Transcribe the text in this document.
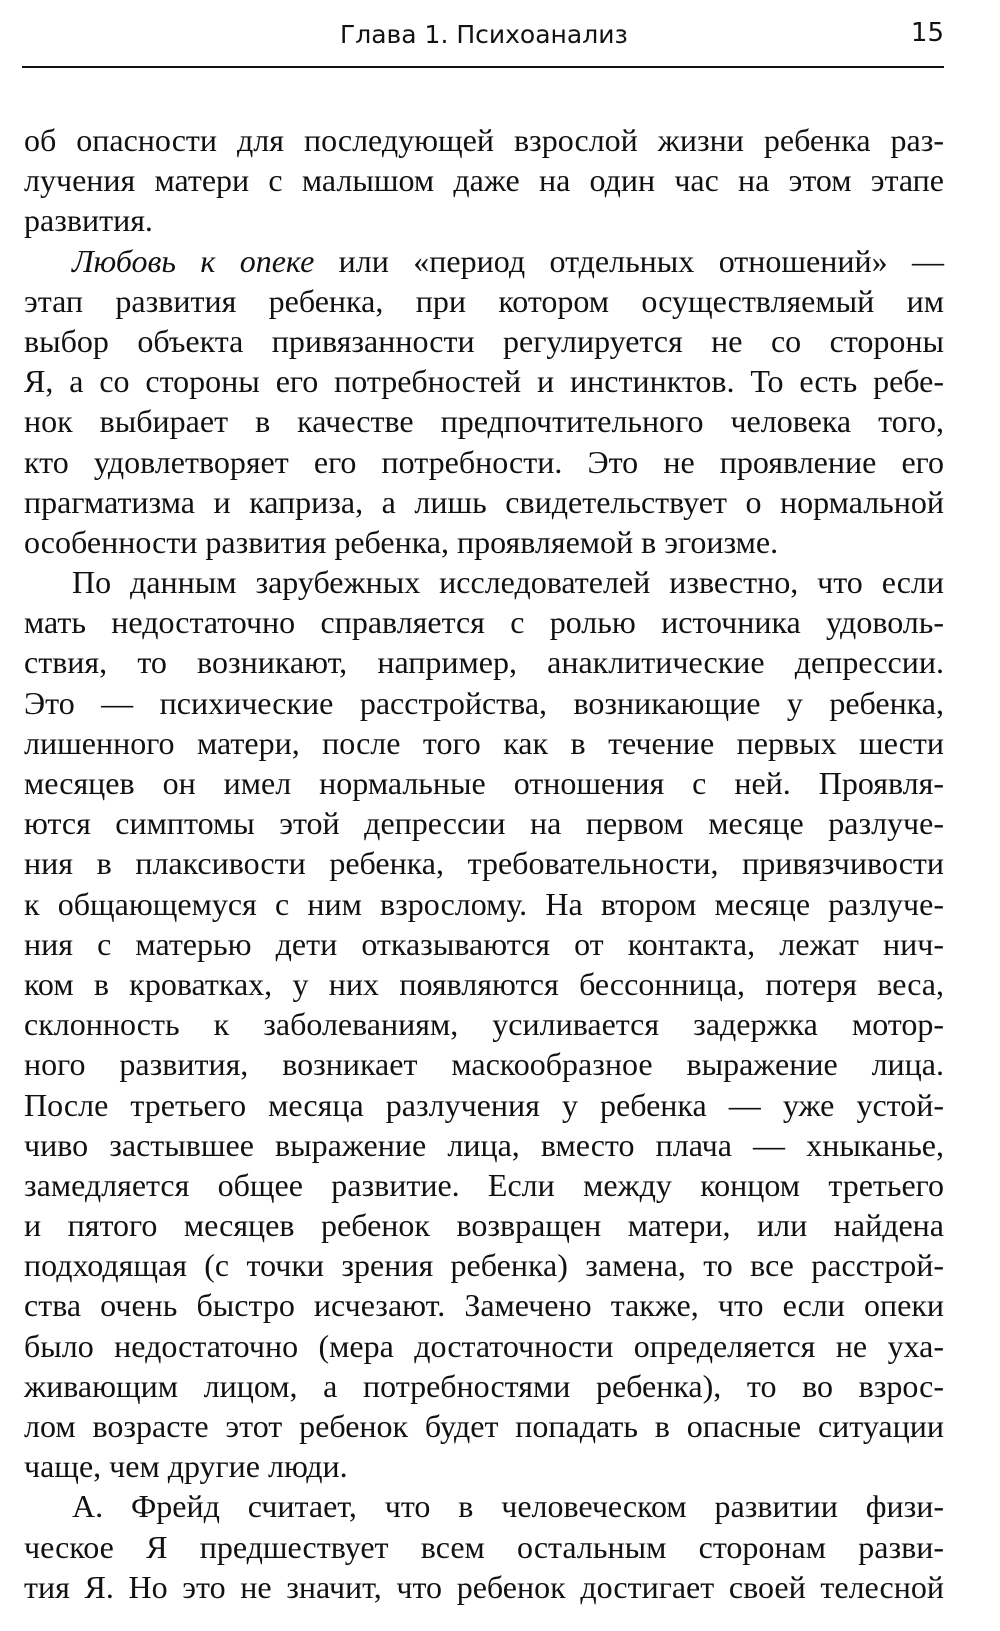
Глава 1. Психоанализ	15
об опасности для последующей взрослой жизни ребенка раз-
лучения матери с малышом даже на один час на этом этапе
развития.
Любовь к опеке или «период отдельных отношений» —
этап развития ребенка, при котором осуществляемый им
выбор объекта привязанности регулируется не со стороны
Я, а со стороны его потребностей и инстинктов. То есть ребе-
нок выбирает в качестве предпочтительного человека того,
кто удовлетворяет его потребности. Это не проявление его
прагматизма и каприза, а лишь свидетельствует о нормальной
особенности развития ребенка, проявляемой в эгоизме.
По данным зарубежных исследователей известно, что если
мать недостаточно справляется с ролью источника удоволь-
ствия, то возникают, например, анаклитические депрессии.
Это — психические расстройства, возникающие у ребенка,
лишенного матери, после того как в течение первых шести
месяцев он имел нормальные отношения с ней. Проявля-
ются симптомы этой депрессии на первом месяце разлуче-
ния в плаксивости ребенка, требовательности, привязчивости
к общающемуся с ним взрослому. На втором месяце разлуче-
ния с матерью дети отказываются от контакта, лежат нич-
ком в кроватках, у них появляются бессонница, потеря веса,
склонность к заболеваниям, усиливается задержка мотор-
ного развития, возникает маскообразное выражение лица.
После третьего месяца разлучения у ребенка — уже устой-
чиво застывшее выражение лица, вместо плача — хныканье,
замедляется общее развитие. Если между концом третьего
и пятого месяцев ребенок возвращен матери, или найдена
подходящая (с точки зрения ребенка) замена, то все расстрой-
ства очень быстро исчезают. Замечено также, что если опеки
было недостаточно (мера достаточности определяется не уха-
живающим лицом, а потребностями ребенка), то во взрос-
лом возрасте этот ребенок будет попадать в опасные ситуации
чаще, чем другие люди.
А. Фрейд считает, что в человеческом развитии физи-
ческое Я предшествует всем остальным сторонам разви-
тия Я. Но это не значит, что ребенок достигает своей телесной
